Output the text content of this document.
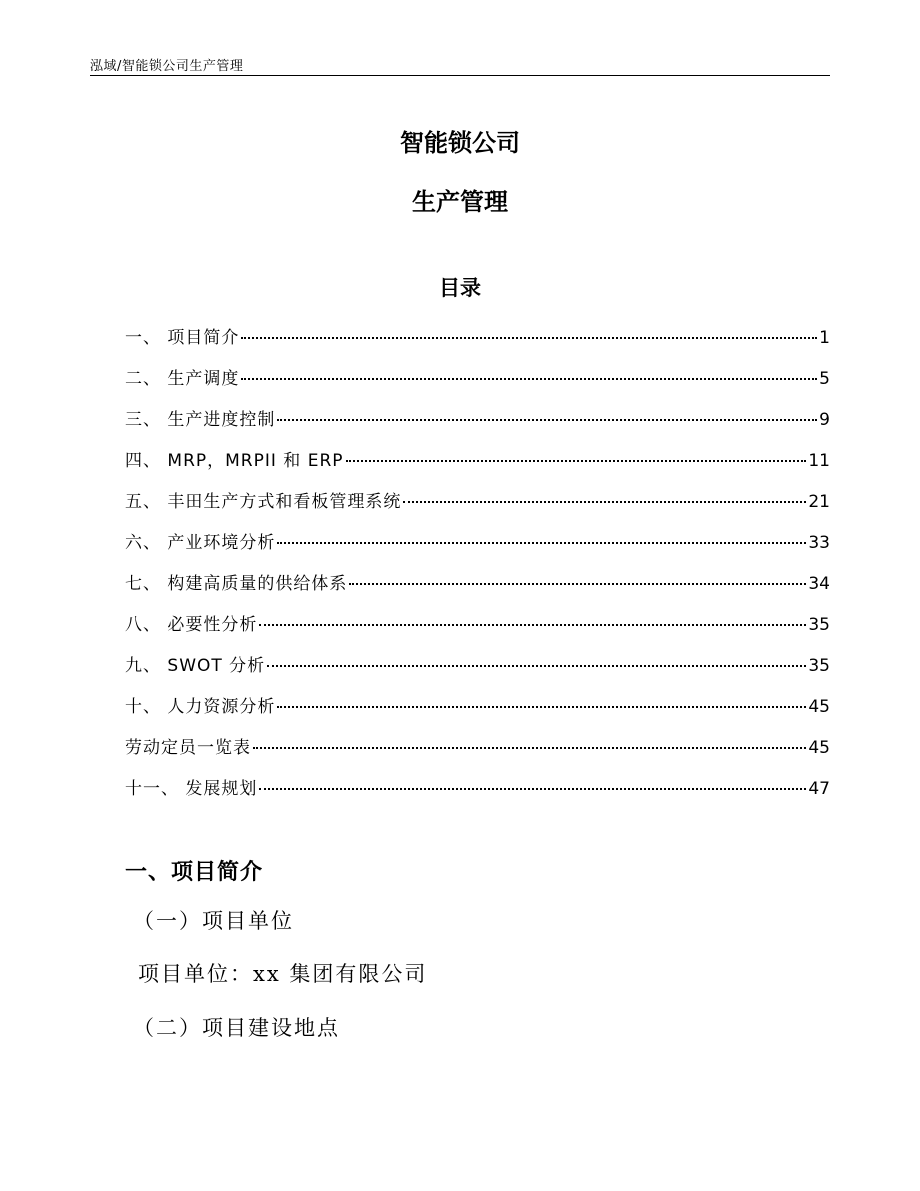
泓域/智能锁公司生产管理
智能锁公司
生产管理
目录
一、 项目简介	1
二、 生产调度	5
三、 生产进度控制	9
四、 MRP，MRPII 和 ERP	11
五、 丰田生产方式和看板管理系统	21
六、 产业环境分析	33
七、 构建高质量的供给体系	34
八、 必要性分析	35
九、 SWOT 分析	35
十、 人力资源分析	45
劳动定员一览表	45
十一、 发展规划	47
一、项目简介
（一）项目单位
项目单位：xx 集团有限公司
（二）项目建设地点
